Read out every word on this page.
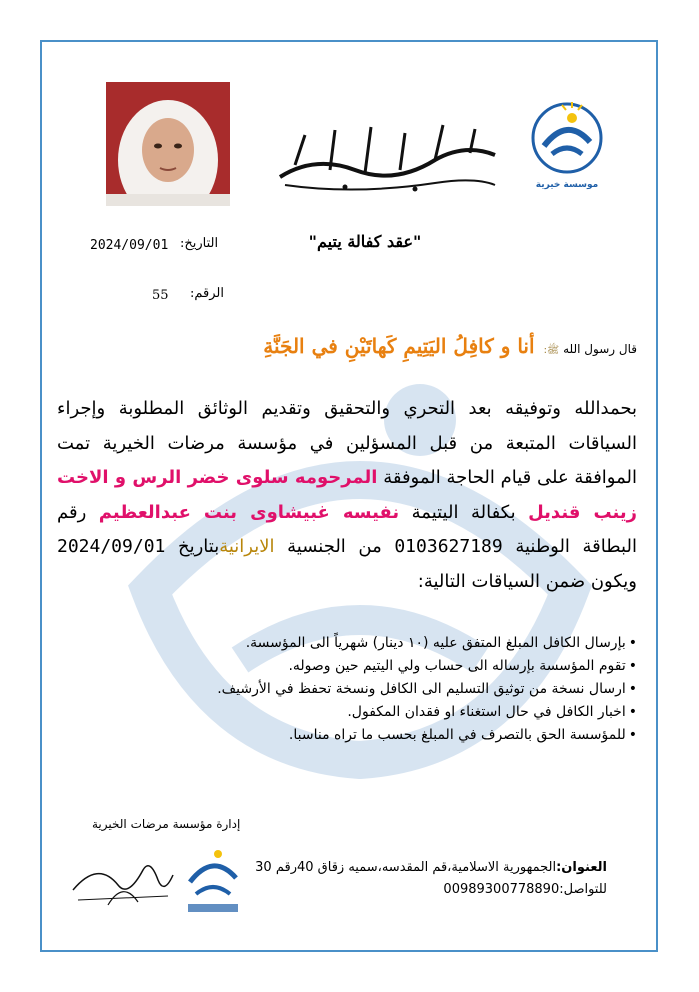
موسسة خيرية
"عقد كفالة يتيم"
التاريخ:
2024/09/01
الرقم:
55
قال رسول اللهﷺ: أنا و كافِلُ اليَتِيمِ كَهاتَيْنِ في الجَنَّةِ
بحمدالله وتوفيقه بعد التحري والتحقيق وتقديم الوثائق المطلوبة وإجراء السياقات المتبعة من قبل المسؤلين في مؤسسة مرضات الخيرية تمت الموافقة على قيام الحاجة الموفقة المرحومه سلوى خضر الرس و الاخت زينب قنديل بكفالة اليتيمة نفيسه غبيشاوى بنت عبدالعظيم رقم البطاقة الوطنية 0103627189 من الجنسية الايرانيةبتاريخ 2024/09/01 ويكون ضمن السياقات التالية:
• بإرسال الكافل المبلغ المتفق عليه (١٠ دينار) شهرياً الى المؤسسة.
• تقوم المؤسسة بإرساله الى حساب ولي اليتيم حين وصوله.
• ارسال نسخة من توثيق التسليم الى الكافل ونسخة تحفظ في الأرشيف.
• اخبار الكافل في حال استغناء او فقدان المكفول.
• للمؤسسة الحق بالتصرف في المبلغ بحسب ما تراه مناسبا.
إدارة مؤسسة مرضات الخيرية
العنوان:الجمهورية الاسلامية،قم المقدسه،سميه زقاق 40رقم 30
للتواصل:00989300778890
